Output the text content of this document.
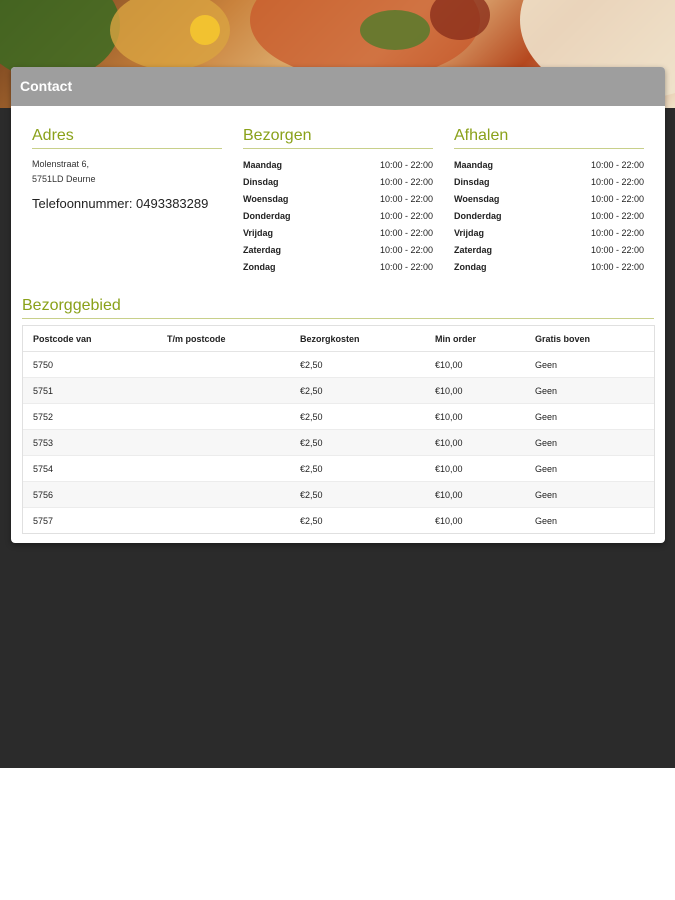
Contact
Adres
Molenstraat 6,
5751LD Deurne
Telefoonnummer: 0493383289
Bezorgen
Maandag	10:00 - 22:00
Dinsdag	10:00 - 22:00
Woensdag	10:00 - 22:00
Donderdag	10:00 - 22:00
Vrijdag	10:00 - 22:00
Zaterdag	10:00 - 22:00
Zondag	10:00 - 22:00
Afhalen
Maandag	10:00 - 22:00
Dinsdag	10:00 - 22:00
Woensdag	10:00 - 22:00
Donderdag	10:00 - 22:00
Vrijdag	10:00 - 22:00
Zaterdag	10:00 - 22:00
Zondag	10:00 - 22:00
Bezorggebied
Postcode van	T/m postcode	Bezorgkosten	Min order	Gratis boven
5750		€2,50	€10,00	Geen
5751		€2,50	€10,00	Geen
5752		€2,50	€10,00	Geen
5753		€2,50	€10,00	Geen
5754		€2,50	€10,00	Geen
5756		€2,50	€10,00	Geen
5757		€2,50	€10,00	Geen
